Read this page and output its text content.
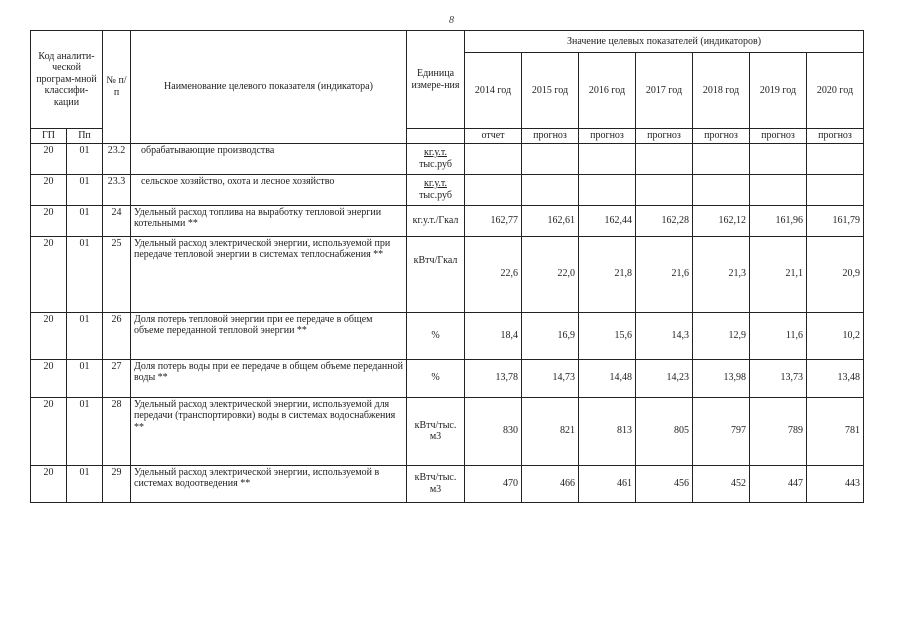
8
Код аналити-ческой програм-мной классифи-кации		№ п/п	Наименование целевого показателя (индикатора)	Единица измере-ния	Значение целевых показателей (индикаторов)						
					2014 год	2015 год	2016 год	2017 год	2018 год	2019 год	2020 год
ГП	Пп				отчет	прогноз	прогноз	прогноз	прогноз	прогноз	прогноз
20	01	23.2	обрабатывающие производства	кг.у.т.
тыс.руб							
20	01	23.3	сельское хозяйство, охота и лесное хозяйство	кг.у.т.
тыс.руб							
20	01	24	Удельный расход топлива на выработку тепловой энергии котельными **	кг.у.т./Гкал	162,77	162,61	162,44	162,28	162,12	161,96	161,79
20	01	25	Удельный расход электрической энергии, используемой при передаче тепловой энергии в системах теплоснабжения **	кВтч/Гкал	22,6	22,0	21,8	21,6	21,3	21,1	20,9
20	01	26	Доля потерь тепловой энергии при ее передаче в общем объеме переданной тепловой энергии **	%	18,4	16,9	15,6	14,3	12,9	11,6	10,2
20	01	27	Доля потерь воды при ее передаче в общем объеме переданной воды **	%	13,78	14,73	14,48	14,23	13,98	13,73	13,48
20	01	28	Удельный расход электрической энергии, используемой для передачи (транспортировки) воды в системах водоснабжения **	кВтч/тыс. м3	830	821	813	805	797	789	781
20	01	29	Удельный расход электрической энергии, используемой в системах водоотведения **	кВтч/тыс. м3	470	466	461	456	452	447	443
